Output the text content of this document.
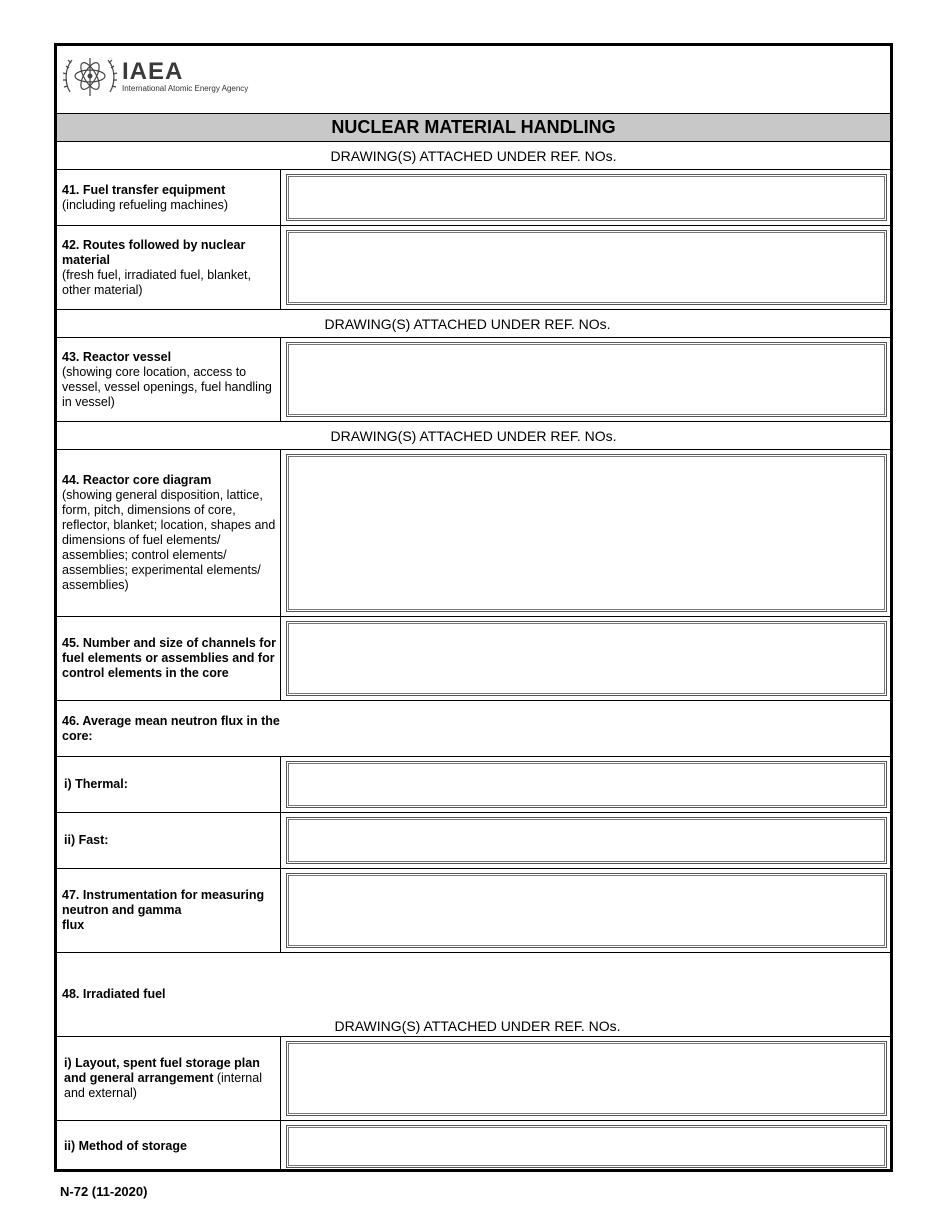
IAEA
International Atomic Energy Agency
NUCLEAR MATERIAL HANDLING
DRAWING(S) ATTACHED UNDER REF. NOs.
41. Fuel transfer equipment
(including refueling machines)
42. Routes followed by nuclear material
(fresh fuel, irradiated fuel, blanket, other material)
DRAWING(S) ATTACHED UNDER REF. NOs.
43. Reactor vessel
(showing core location, access to vessel, vessel openings, fuel handling in vessel)
DRAWING(S) ATTACHED UNDER REF. NOs.
44. Reactor core diagram
(showing general disposition, lattice, form, pitch, dimensions of core, reflector, blanket; location, shapes and dimensions of fuel elements/ assemblies; control elements/ assemblies; experimental elements/ assemblies)
45. Number and size of channels for fuel elements or assemblies and for control elements in the core
46. Average mean neutron flux in the core:
i) Thermal:
ii) Fast:
47. Instrumentation for measuring neutron and gamma
flux
48. Irradiated fuel
DRAWING(S) ATTACHED UNDER REF. NOs.
i) Layout, spent fuel storage plan and general arrangement (internal and external)
ii) Method of storage
N-72 (11-2020)
